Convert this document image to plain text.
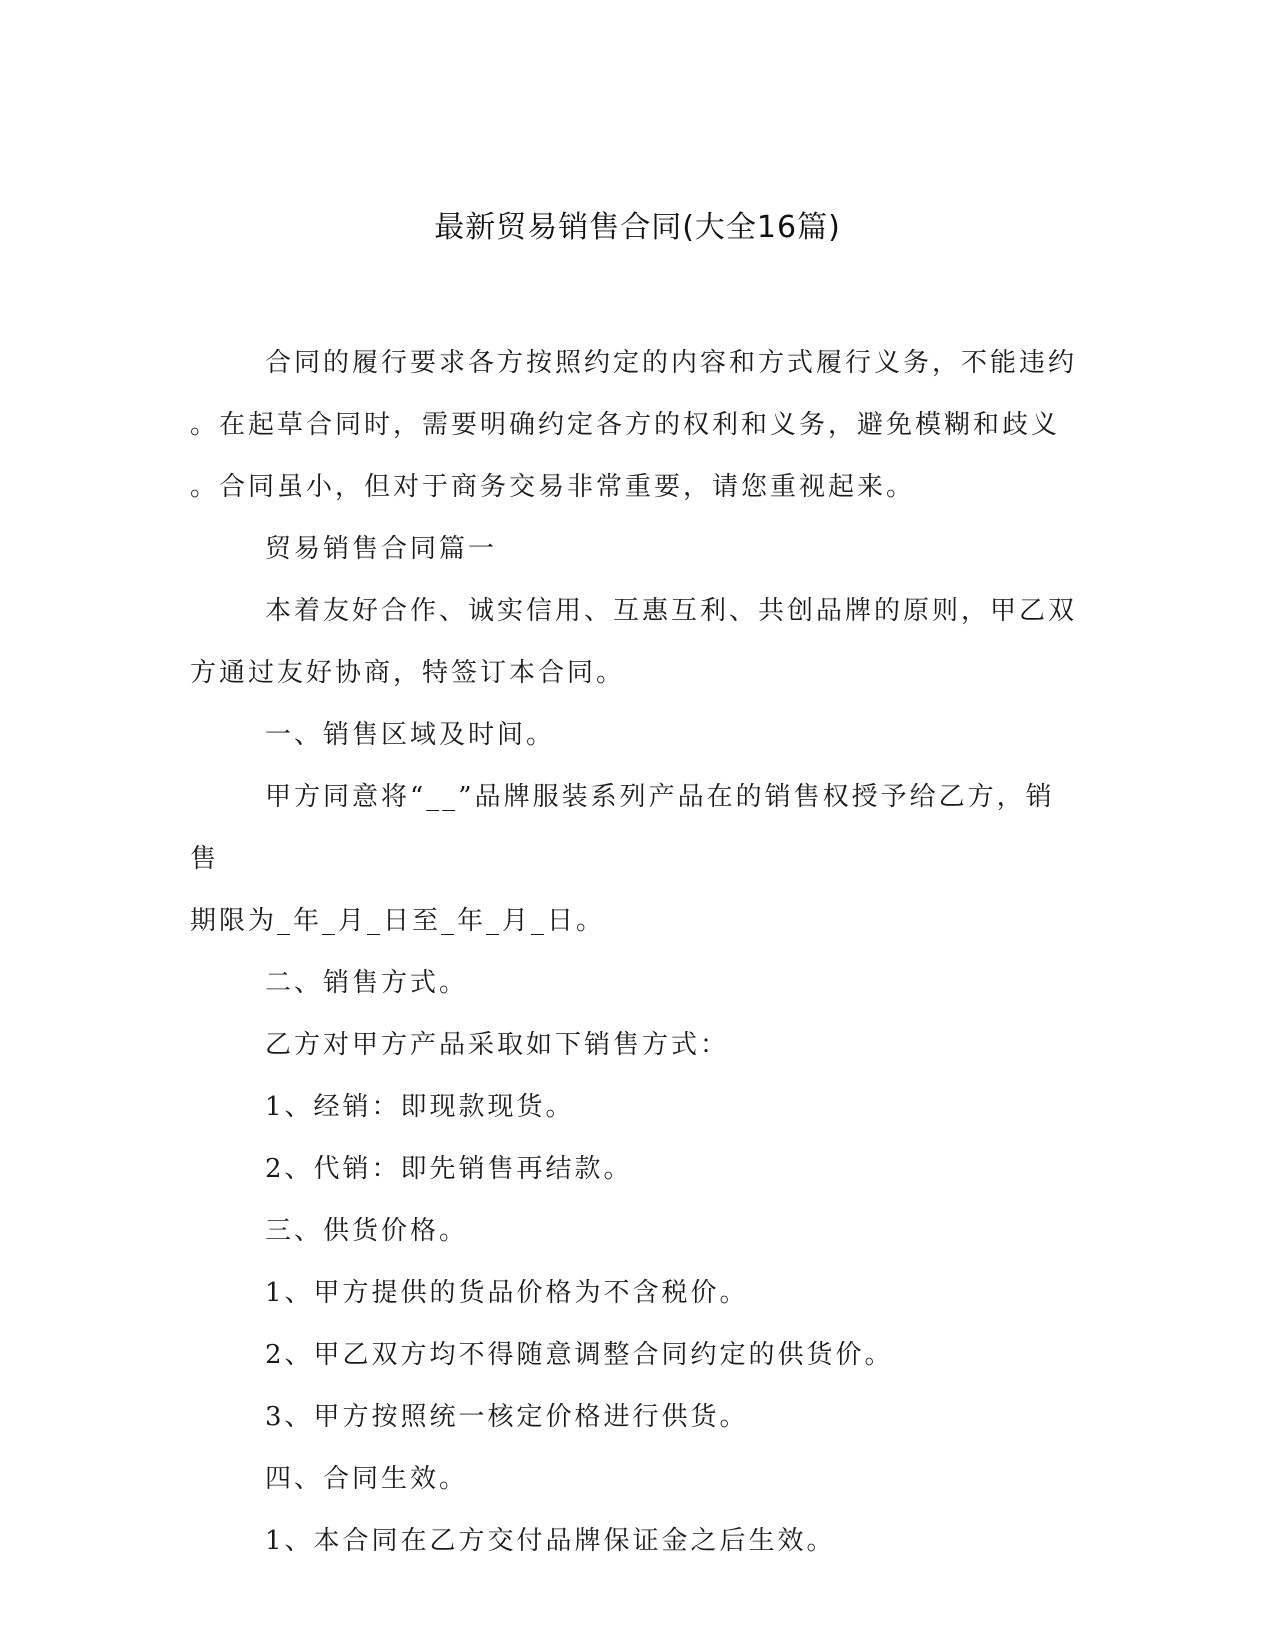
最新贸易销售合同(大全16篇)

合同的履行要求各方按照约定的内容和方式履行义务，不能违约
。在起草合同时，需要明确约定各方的权利和义务，避免模糊和歧义
。合同虽小，但对于商务交易非常重要，请您重视起来。

贸易销售合同篇一

本着友好合作、诚实信用、互惠互利、共创品牌的原则，甲乙双
方通过友好协商，特签订本合同。

一、销售区域及时间。

甲方同意将“__”品牌服装系列产品在的销售权授予给乙方，销售
期限为_年_月_日至_年_月_日。

二、销售方式。

乙方对甲方产品采取如下销售方式：

1、经销：即现款现货。

2、代销：即先销售再结款。

三、供货价格。

1、甲方提供的货品价格为不含税价。

2、甲乙双方均不得随意调整合同约定的供货价。

3、甲方按照统一核定价格进行供货。

四、合同生效。

1、本合同在乙方交付品牌保证金之后生效。
